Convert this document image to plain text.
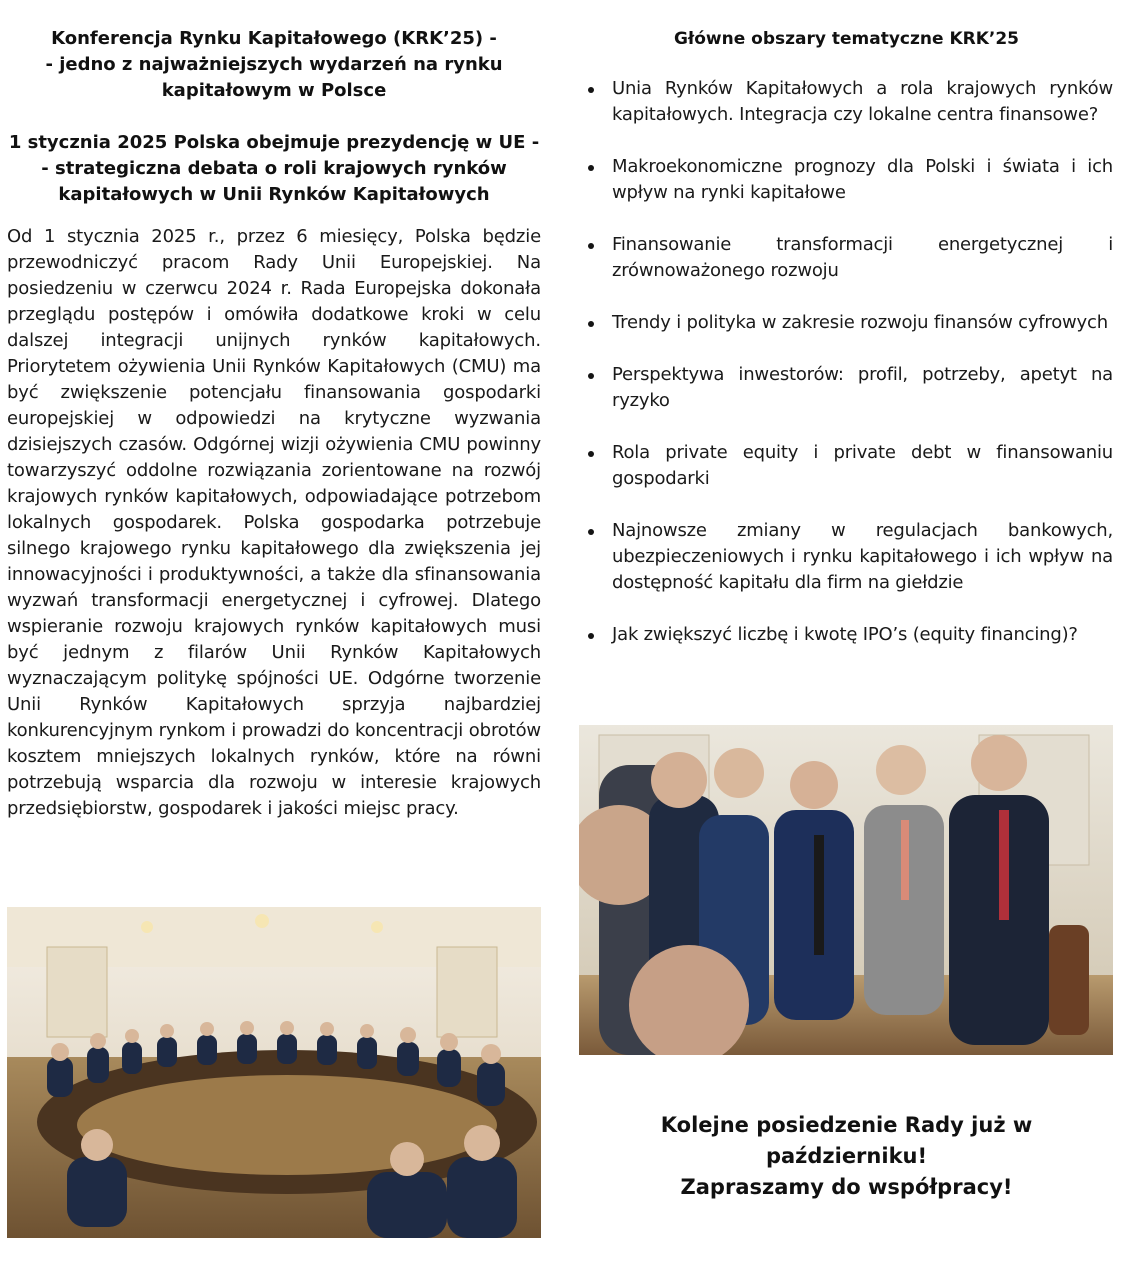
Konferencja Rynku Kapitałowego (KRK’25) -
- jedno z najważniejszych wydarzeń na rynku
kapitałowym w Polsce
1 stycznia 2025 Polska obejmuje prezydencję w UE -
- strategiczna debata o roli krajowych rynków
kapitałowych w Unii Rynków Kapitałowych

Od 1 stycznia 2025 r., przez 6 miesięcy, Polska będzie przewodniczyć pracom Rady Unii Europejskiej. Na posiedzeniu w czerwcu 2024 r. Rada Europejska dokonała przeglądu postępów i omówiła dodatkowe kroki w celu dalszej integracji unijnych rynków kapitałowych. Priorytetem ożywienia Unii Rynków Kapitałowych (CMU) ma być zwiększenie potencjału finansowania gospodarki europejskiej w odpowiedzi na krytyczne wyzwania dzisiejszych czasów. Odgórnej wizji ożywienia CMU powinny towarzyszyć oddolne rozwiązania zorientowane na rozwój krajowych rynków kapitałowych, odpowiadające potrzebom lokalnych gospodarek. Polska gospodarka potrzebuje silnego krajowego rynku kapitałowego dla zwiększenia jej innowacyjności i produktywności, a także dla sfinansowania wyzwań transformacji energetycznej i cyfrowej. Dlatego wspieranie rozwoju krajowych rynków kapitałowych musi być jednym z filarów Unii Rynków Kapitałowych wyznaczającym politykę spójności UE. Odgórne tworzenie Unii Rynków Kapitałowych sprzyja najbardziej konkurencyjnym rynkom i prowadzi do koncentracji obrotów kosztem mniejszych lokalnych rynków, które na równi potrzebują wsparcia dla rozwoju w interesie krajowych przedsiębiorstw, gospodarek i jakości miejsc pracy.

Główne obszary tematyczne KRK’25
Unia Rynków Kapitałowych a rola krajowych rynków kapitałowych. Integracja czy lokalne centra finansowe?
Makroekonomiczne prognozy dla Polski i świata i ich wpływ na rynki kapitałowe
Finansowanie transformacji energetycznej i zrównoważonego rozwoju
Trendy i polityka w zakresie rozwoju finansów cyfrowych
Perspektywa inwestorów: profil, potrzeby, apetyt na ryzyko
Rola private equity i private debt w finansowaniu gospodarki
Najnowsze zmiany w regulacjach bankowych, ubezpieczeniowych i rynku kapitałowego i ich wpływ na dostępność kapitału dla firm na giełdzie
Jak zwiększyć liczbę i kwotę IPO’s (equity financing)?
Kolejne posiedzenie Rady już w październiku!
Zapraszamy do współpracy!
